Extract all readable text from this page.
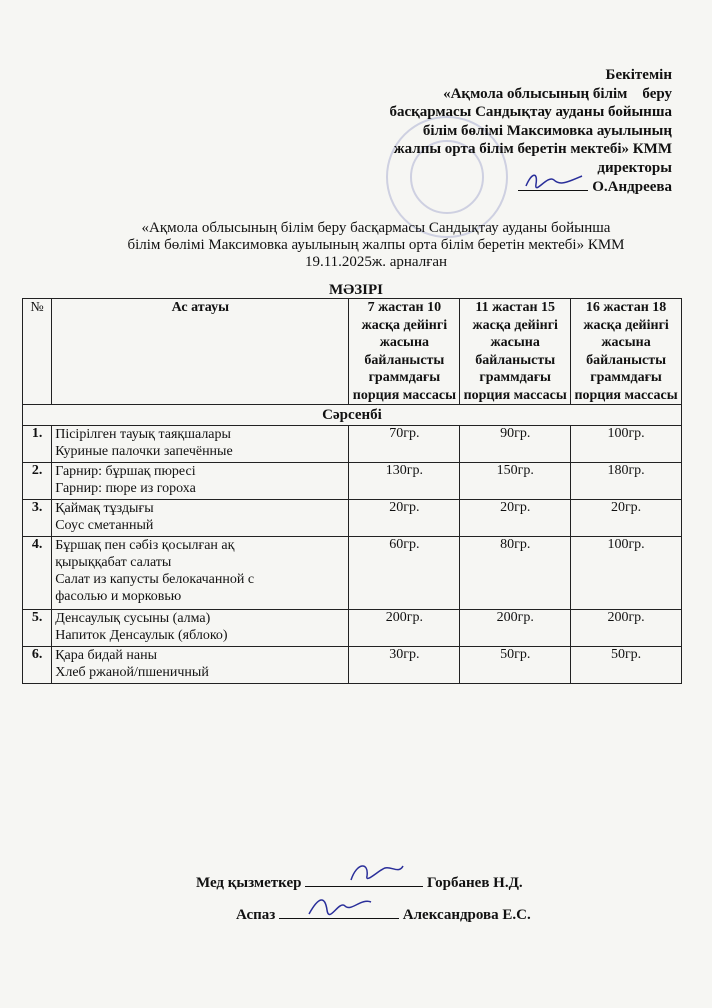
Бекітемін
«Ақмола облысының білім    беру
басқармасы Сандықтау ауданы бойынша
білім бөлімі Максимовка ауылының
жалпы орта білім беретін мектебі» КММ
директоры
О.Андреева
«Ақмола облысының білім беру басқармасы Сандықтау ауданы бойынша
білім бөлімі Максимовка ауылының жалпы орта білім беретін мектебі» КММ
19.11.2025ж. арналған
МӘЗІРІ
№	Ас атауы	7 жастан 10 жасқа дейінгі жасына байланысты граммдағы порция массасы	11 жастан 15 жасқа дейінгі жасына байланысты граммдағы порция массасы	16 жастан 18 жасқа дейінгі жасына байланысты граммдағы порция массасы
Сәрсенбі				
1.	Пісірілген тауық таяқшалары
Куриные палочки запечённые	70гр.	90гр.	100гр.
2.	Гарнир: бұршақ пюресі
Гарнир: пюре из гороха	130гр.	150гр.	180гр.
3.	Қаймақ тұздығы
Соус сметанный	20гр.	20гр.	20гр.
4.	Бұршақ пен сәбіз қосылған ақ қырыққабат салаты
Салат из капусты белокачанной с фасолью и морковью	60гр.	80гр.	100гр.
5.	Денсаулық сусыны (алма)
Напиток Денсаулык (яблоко)	200гр.	200гр.	200гр.
6.	Қара бидай наны
Хлеб ржаной/пшеничный	30гр.	50гр.	50гр.
Мед қызметкер	Горбанев Н.Д.
Аспаз	Александрова Е.С.
